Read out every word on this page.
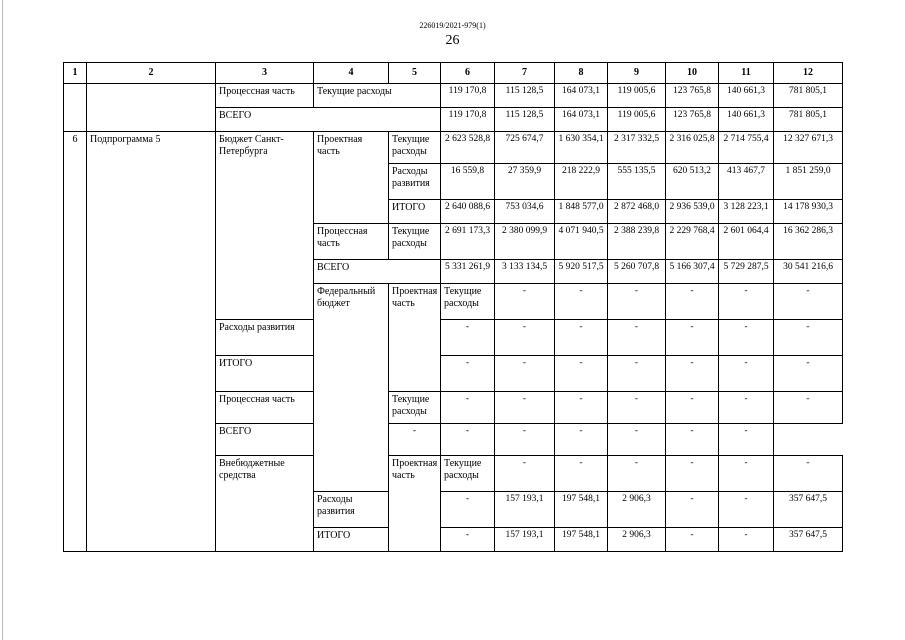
226019/2021-979(1)
26
1	2	3	4	5	6	7	8	9	10	11	12	
		Процессная часть	Текущие расходы		119 170,8	115 128,5	164 073,1	119 005,6	123 765,8	140 661,3	781 805,1	
		ВСЕГО			119 170,8	115 128,5	164 073,1	119 005,6	123 765,8	140 661,3	781 805,1	
6	Подпрограмма 5	Бюджет Санкт-Петербурга	Проектная часть	Текущие расходы	2 623 528,8	725 674,7	1 630 354,1	2 317 332,5	2 316 025,8	2 714 755,4	12 327 671,3	
				Расходы развития	16 559,8	27 359,9	218 222,9	555 135,5	620 513,2	413 467,7	1 851 259,0	
				ИТОГО	2 640 088,6	753 034,6	1 848 577,0	2 872 468,0	2 936 539,0	3 128 223,1	14 178 930,3	
			Процессная часть	Текущие расходы	2 691 173,3	2 380 099,9	4 071 940,5	2 388 239,8	2 229 768,4	2 601 064,4	16 362 286,3	
			ВСЕГО		5 331 261,9	3 133 134,5	5 920 517,5	5 260 707,8	5 166 307,4	5 729 287,5	30 541 216,6	
			Федеральный бюджет	Проектная часть	Текущие расходы	-	-	-	-	-	-	
		Расходы развития			-	-	-	-	-	-	-	
		ИТОГО			-	-	-	-	-	-	-	
		Процессная часть		Текущие расходы	-	-	-	-	-	-	-	
		ВСЕГО		-	-	-	-	-	-	-		
		Внебюджетные средства		Проектная часть	Текущие расходы	-	-	-	-	-	-	
			Расходы развития		-	157 193,1	197 548,1	2 906,3	-	-	357 647,5	
			ИТОГО		-	157 193,1	197 548,1	2 906,3	-	-	357 647,5	
